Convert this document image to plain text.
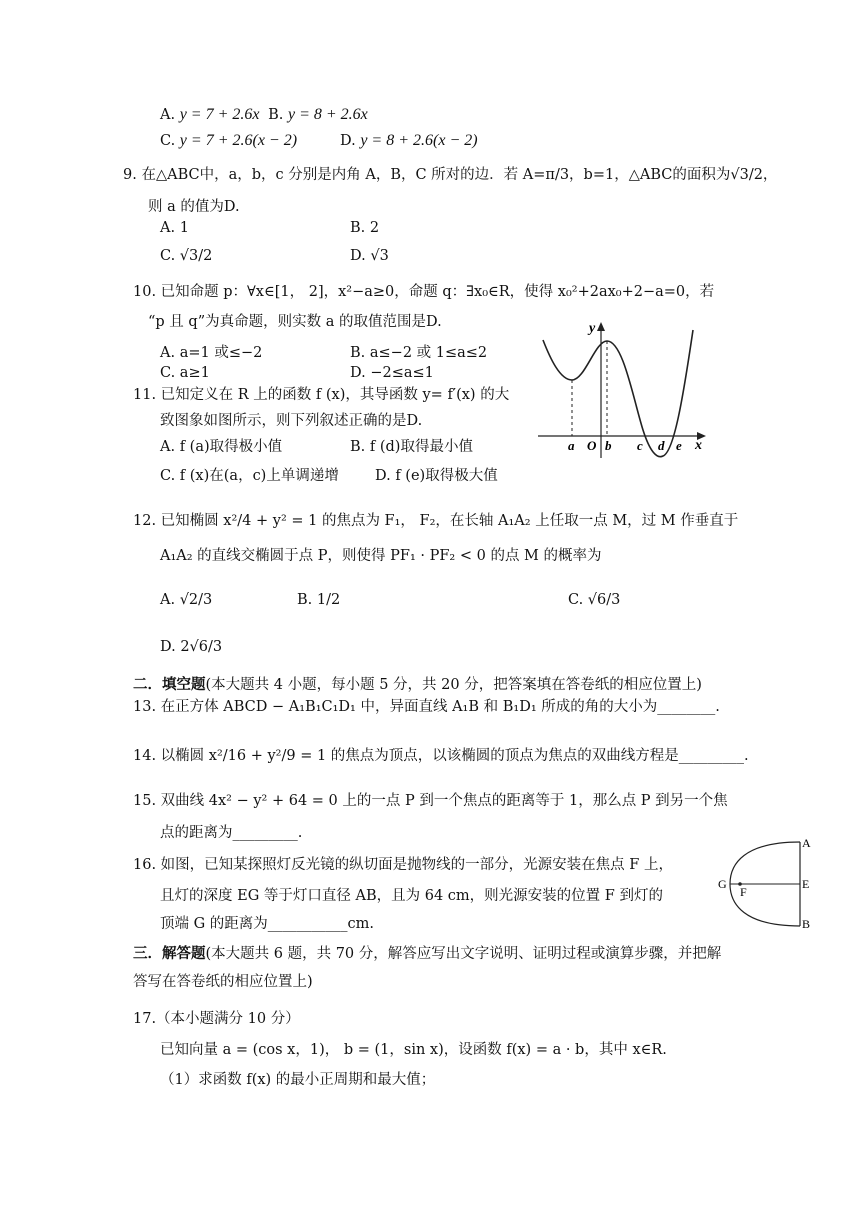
A. y = 7 + 2.6x B. y = 8 + 2.6x
C. y = 7 + 2.6(x − 2)	D. y = 8 + 2.6(x − 2)
9. 在△ABC中，a，b，c 分别是内角 A，B，C 所对的边．若 A=π/3，b=1，△ABC的面积为√3/2，
则 a 的值为D.
A. 1	B. 2
C. √3/2	D. √3
10. 已知命题 p：∀x∈[1， 2]，x²−a≥0，命题 q：∃x₀∈R，使得 x₀²+2ax₀+2−a=0，若
“p 且 q”为真命题，则实数 a 的取值范围是D.
A. a=1 或≤−2	B. a≤−2 或 1≤a≤2
C. a≥1	D. −2≤a≤1
11. 已知定义在 R 上的函数 f (x)，其导函数 y= f′(x) 的大
致图象如图所示，则下列叙述正确的是D.
A. f (a)取得极小值	B. f (d)取得最小值
C. f (x)在(a，c)上单调递增 D. f (e)取得极大值
y
x
a O b c d e
12. 已知椭圆 x²/4 + y² = 1 的焦点为 F₁， F₂，在长轴 A₁A₂ 上任取一点 M，过 M 作垂直于
A₁A₂ 的直线交椭圆于点 P，则使得 PF₁ · PF₂ < 0 的点 M 的概率为
A. √2/3	B. 1/2	C. √6/3
D. 2√6/3
二．填空题(本大题共 4 小题，每小题 5 分，共 20 分，把答案填在答卷纸的相应位置上)
13. 在正方体 ABCD − A₁B₁C₁D₁ 中，异面直线 A₁B 和 B₁D₁ 所成的角的大小为________.
14. 以椭圆 x²/16 + y²/9 = 1 的焦点为顶点，以该椭圆的顶点为焦点的双曲线方程是_________.
15. 双曲线 4x² − y² + 64 = 0 上的一点 P 到一个焦点的距离等于 1，那么点 P 到另一个焦
点的距离为_________.
16. 如图，已知某探照灯反光镜的纵切面是抛物线的一部分，光源安装在焦点 F 上，
且灯的深度 EG 等于灯口直径 AB，且为 64 cm，则光源安装的位置 F 到灯的
顶端 G 的距离为___________cm.
A
E
B
G
F
三．解答题(本大题共 6 题，共 70 分，解答应写出文字说明、证明过程或演算步骤，并把解
答写在答卷纸的相应位置上)
17.（本小题满分 10 分）
已知向量 a = (cos x，1)， b = (1，sin x)，设函数 f(x) = a · b，其中 x∈R.
（1）求函数 f(x) 的最小正周期和最大值；
